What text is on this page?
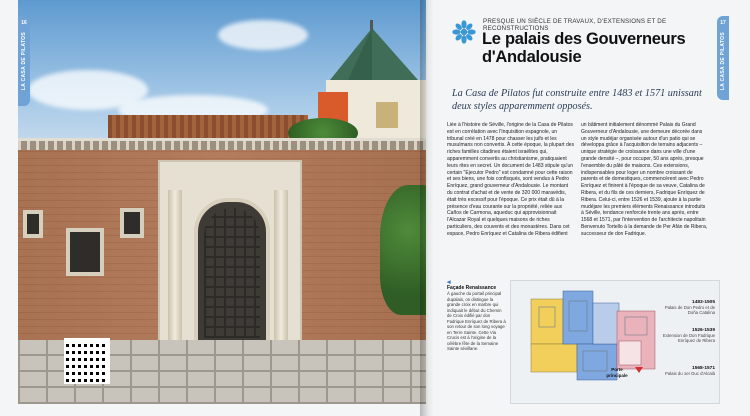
16
LA CASA DE PILATOS
PRESQUE UN SIÈCLE DE TRAVAUX, D'EXTENSIONS ET DE RECONSTRUCTIONS
Le palais des Gouverneurs d'Andalousie
La Casa de Pilatos fut construite entre 1483 et 1571 unissant deux styles apparemment opposés.
Liée à l'histoire de Séville, l'origine de la Casa de Pilatos est en corrélation avec l'Inquisition espagnole, un tribunal créé en 1478 pour chasser les juifs et les musulmans non convertis. À cette époque, la plupart des riches familles citadines étaient israélites qui, apparemment convertis au christianisme, pratiquaient leurs rites en secret. Un document de 1483 stipule qu'un certain "Ejecutor Pedro" est condamné pour cette raison et ses biens, une fois confisqués, sont vendus à Pedro Enríquez, grand gouverneur d'Andalousie. Le montant du contrat d'achat et de vente de 320 000 maravédis, était très excessif pour l'époque. Ce prix était dû à la présence d'eau courante sur la propriété, reliée aux Caños de Carmona, aqueduc qui approvisionnait l'Alcazar Royal et quelques maisons de riches particuliers, des couvents et des monastères. Dans cet espace, Pedro Enríquez et Catalina de Ribera édifient
un bâtiment initialement dénommé Palais du Grand Gouverneur d'Andalousie, une demeure décorée dans un style mudéjar organisée autour d'un patio qui se développa grâce à l'acquisition de terrains adjacents – unique stratégie de croissance dans une ville d'une grande densité –, pour occuper, 50 ans après, presque l'ensemble du pâté de maisons. Ces extensions, indispensables pour loger un nombre croissant de parents et de domestiques, commencèrent avec Pedro Enríquez et finirent à l'époque de sa veuve, Catalina de Ribera, et du fils de ces derniers, Fadrique Enríquez de Ribera. Celui-ci, entre 1526 et 1539, ajoute à la partie mudéjare les premiers éléments Renaissance introduits à Séville, tendance renforcée trente ans après, entre 1568 et 1571, par l'intervention de l'architecte napolitain Benvenuto Tortello à la demande de Per Afán de Ribera, successeur de don Fadrique.
◂
Façade Renaissance
À gauche du portail principal dupalais, on distingue la grande croix en marbre qui indiquait le début du Chemin de Croix édifié par don Fadrique Enríquez de Ribera à son retour de son long voyage en Terre Sainte. Cette Via Crucis est à l'origine de la célèbre fête de la Semaine Sainte sévillane.
1483-1505
Palais de Don Pedro et de Doña Catalina
1526-1539
Extension de Don Fadrique Enríquez de Ribera
1568-1571
Palais du 1er Duc d'Alcalá
Porte principale
17
LA CASA DE PILATOS
